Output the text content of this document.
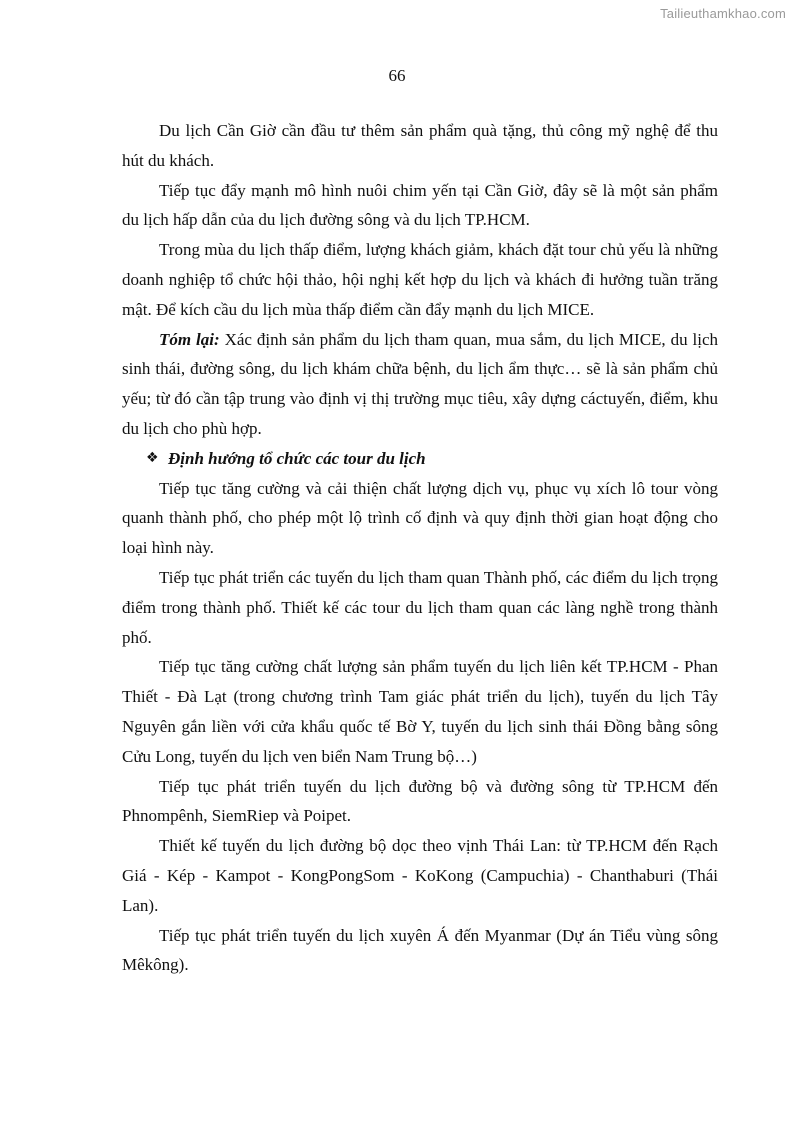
Tailieuthamkhao.com
66

Du lịch Cần Giờ cần đầu tư thêm sản phẩm quà tặng, thủ công mỹ nghệ để thu hút du khách.

Tiếp tục đẩy mạnh mô hình nuôi chim yến tại Cần Giờ, đây sẽ là một sản phẩm du lịch hấp dẫn của du lịch đường sông và du lịch TP.HCM.

Trong mùa du lịch thấp điểm, lượng khách giảm, khách đặt tour chủ yếu là những doanh nghiệp tổ chức hội thảo, hội nghị kết hợp du lịch và khách đi hưởng tuần trăng mật. Để kích cầu du lịch mùa thấp điểm cần đẩy mạnh du lịch MICE.

Tóm lại: Xác định sản phẩm du lịch tham quan, mua sắm, du lịch MICE, du lịch sinh thái, đường sông, du lịch khám chữa bệnh, du lịch ẩm thực… sẽ là sản phẩm chủ yếu; từ đó cần tập trung vào định vị thị trường mục tiêu, xây dựng cáctuyến, điểm, khu du lịch cho phù hợp.

❖ Định hướng tổ chức các tour du lịch

Tiếp tục tăng cường và cải thiện chất lượng dịch vụ, phục vụ xích lô tour vòng quanh thành phố, cho phép một lộ trình cố định và quy định thời gian hoạt động cho loại hình này.

Tiếp tục phát triển các tuyến du lịch tham quan Thành phố, các điểm du lịch trọng điểm trong thành phố. Thiết kế các tour du lịch tham quan các làng nghề trong thành phố.

Tiếp tục tăng cường chất lượng sản phẩm tuyến du lịch liên kết TP.HCM - Phan Thiết - Đà Lạt (trong chương trình Tam giác phát triển du lịch), tuyến du lịch Tây Nguyên gắn liền với cửa khẩu quốc tế Bờ Y, tuyến du lịch sinh thái Đồng bằng sông Cửu Long, tuyến du lịch ven biển Nam Trung bộ…)

Tiếp tục phát triển tuyến du lịch đường bộ và đường sông từ TP.HCM đến Phnompênh, SiemRiep và Poipet.

Thiết kế tuyến du lịch đường bộ dọc theo vịnh Thái Lan: từ TP.HCM đến Rạch Giá - Kép - Kampot - KongPongSom - KoKong (Campuchia) - Chanthaburi (Thái Lan).

Tiếp tục phát triển tuyến du lịch xuyên Á đến Myanmar (Dự án Tiểu vùng sông Mêkông).
